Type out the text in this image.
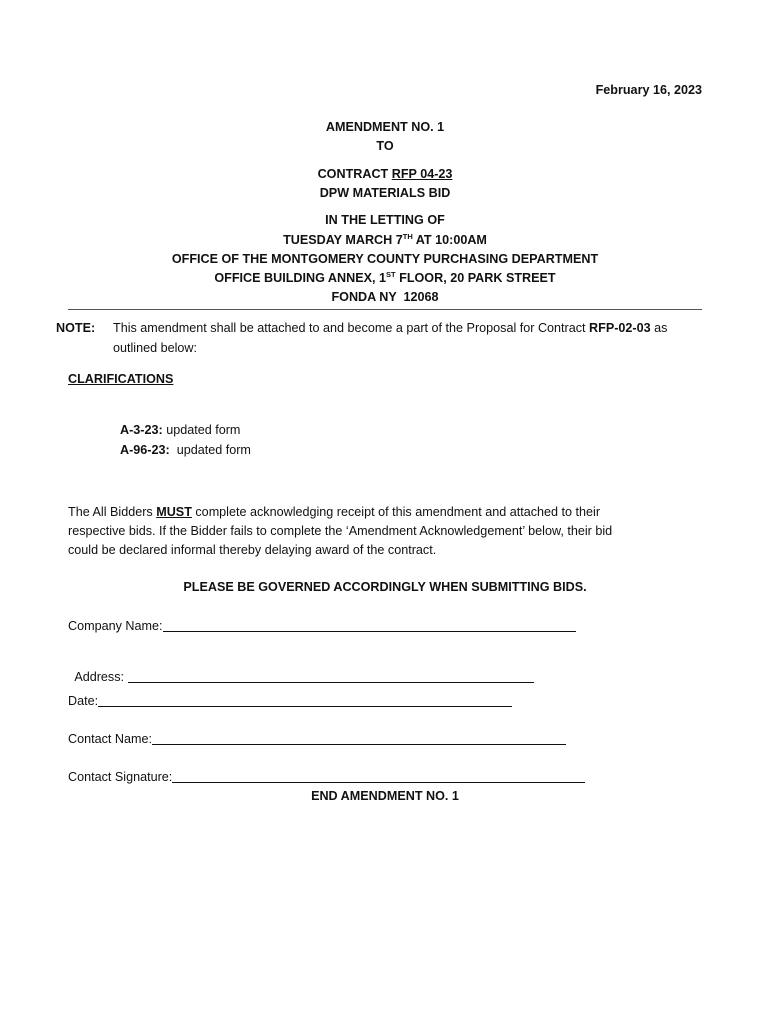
February 16, 2023
AMENDMENT NO. 1
TO
CONTRACT RFP 04-23
DPW MATERIALS BID
IN THE LETTING OF
TUESDAY MARCH 7TH AT 10:00AM
OFFICE OF THE MONTGOMERY COUNTY PURCHASING DEPARTMENT
OFFICE BUILDING ANNEX, 1ST FLOOR, 20 PARK STREET
FONDA NY  12068
NOTE: This amendment shall be attached to and become a part of the Proposal for Contract RFP-02-03 as
outlined below:
CLARIFICATIONS

A-3-23: updated form

A-96-23:  updated form

The All Bidders MUST complete acknowledging receipt of this amendment and attached to their
respective bids. If the Bidder fails to complete the ‘Amendment Acknowledgement’ below, their bid
could be declared informal thereby delaying award of the contract.
PLEASE BE GOVERNED ACCORDINGLY WHEN SUBMITTING BIDS.
Company Name:

Address:

Date:
Contact Name:
Contact Signature:
END AMENDMENT NO. 1
